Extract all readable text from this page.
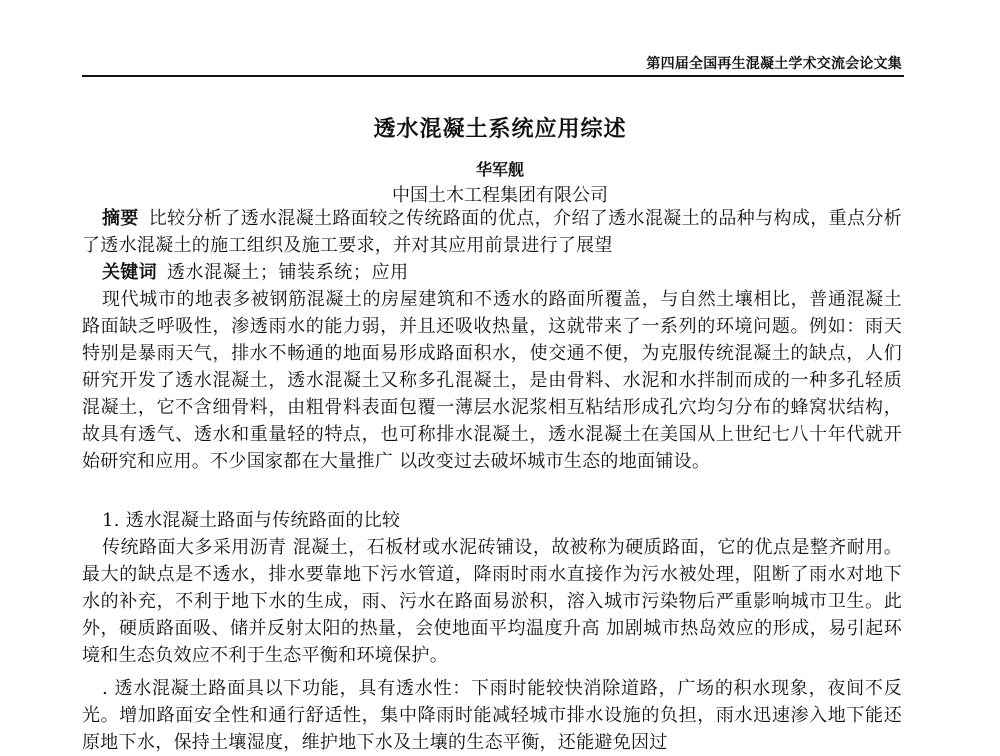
第四届全国再生混凝土学术交流会论文集
透水混凝土系统应用综述
华军舰
中国土木工程集团有限公司

摘要 比较分析了透水混凝土路面较之传统路面的优点，介绍了透水混凝土的品种与构成，重点分析了透水混凝土的施工组织及施工要求，并对其应用前景进行了展望

关键词 透水混凝土；铺装系统；应用

现代城市的地表多被钢筋混凝土的房屋建筑和不透水的路面所覆盖，与自然土壤相比，普通混凝土路面缺乏呼吸性，渗透雨水的能力弱，并且还吸收热量，这就带来了一系列的环境问题。例如：雨天特别是暴雨天气，排水不畅通的地面易形成路面积水，使交通不便，为克服传统混凝土的缺点，人们研究开发了透水混凝土，透水混凝土又称多孔混凝土，是由骨料、水泥和水拌制而成的一种多孔轻质混凝土，它不含细骨料，由粗骨料表面包覆一薄层水泥浆相互粘结形成孔穴均匀分布的蜂窝状结构，故具有透气、透水和重量轻的特点，也可称排水混凝土，透水混凝土在美国从上世纪七八十年代就开始研究和应用。不少国家都在大量推广 以改变过去破坏城市生态的地面铺设。

1. 透水混凝土路面与传统路面的比较

传统路面大多采用沥青 混凝土，石板材或水泥砖铺设，故被称为硬质路面，它的优点是整齐耐用。最大的缺点是不透水，排水要靠地下污水管道，降雨时雨水直接作为污水被处理，阻断了雨水对地下水的补充，不利于地下水的生成，雨、污水在路面易淤积，溶入城市污染物后严重影响城市卫生。此外，硬质路面吸、储并反射太阳的热量，会使地面平均温度升高 加剧城市热岛效应的形成，易引起环境和生态负效应不利于生态平衡和环境保护。

. 透水混凝土路面具以下功能，具有透水性：下雨时能较快消除道路，广场的积水现象，夜间不反光。增加路面安全性和通行舒适性，集中降雨时能减轻城市排水设施的负担，雨水迅速渗入地下能还原地下水，保持土壤湿度，维护地下水及土壤的生态平衡，还能避免因过
